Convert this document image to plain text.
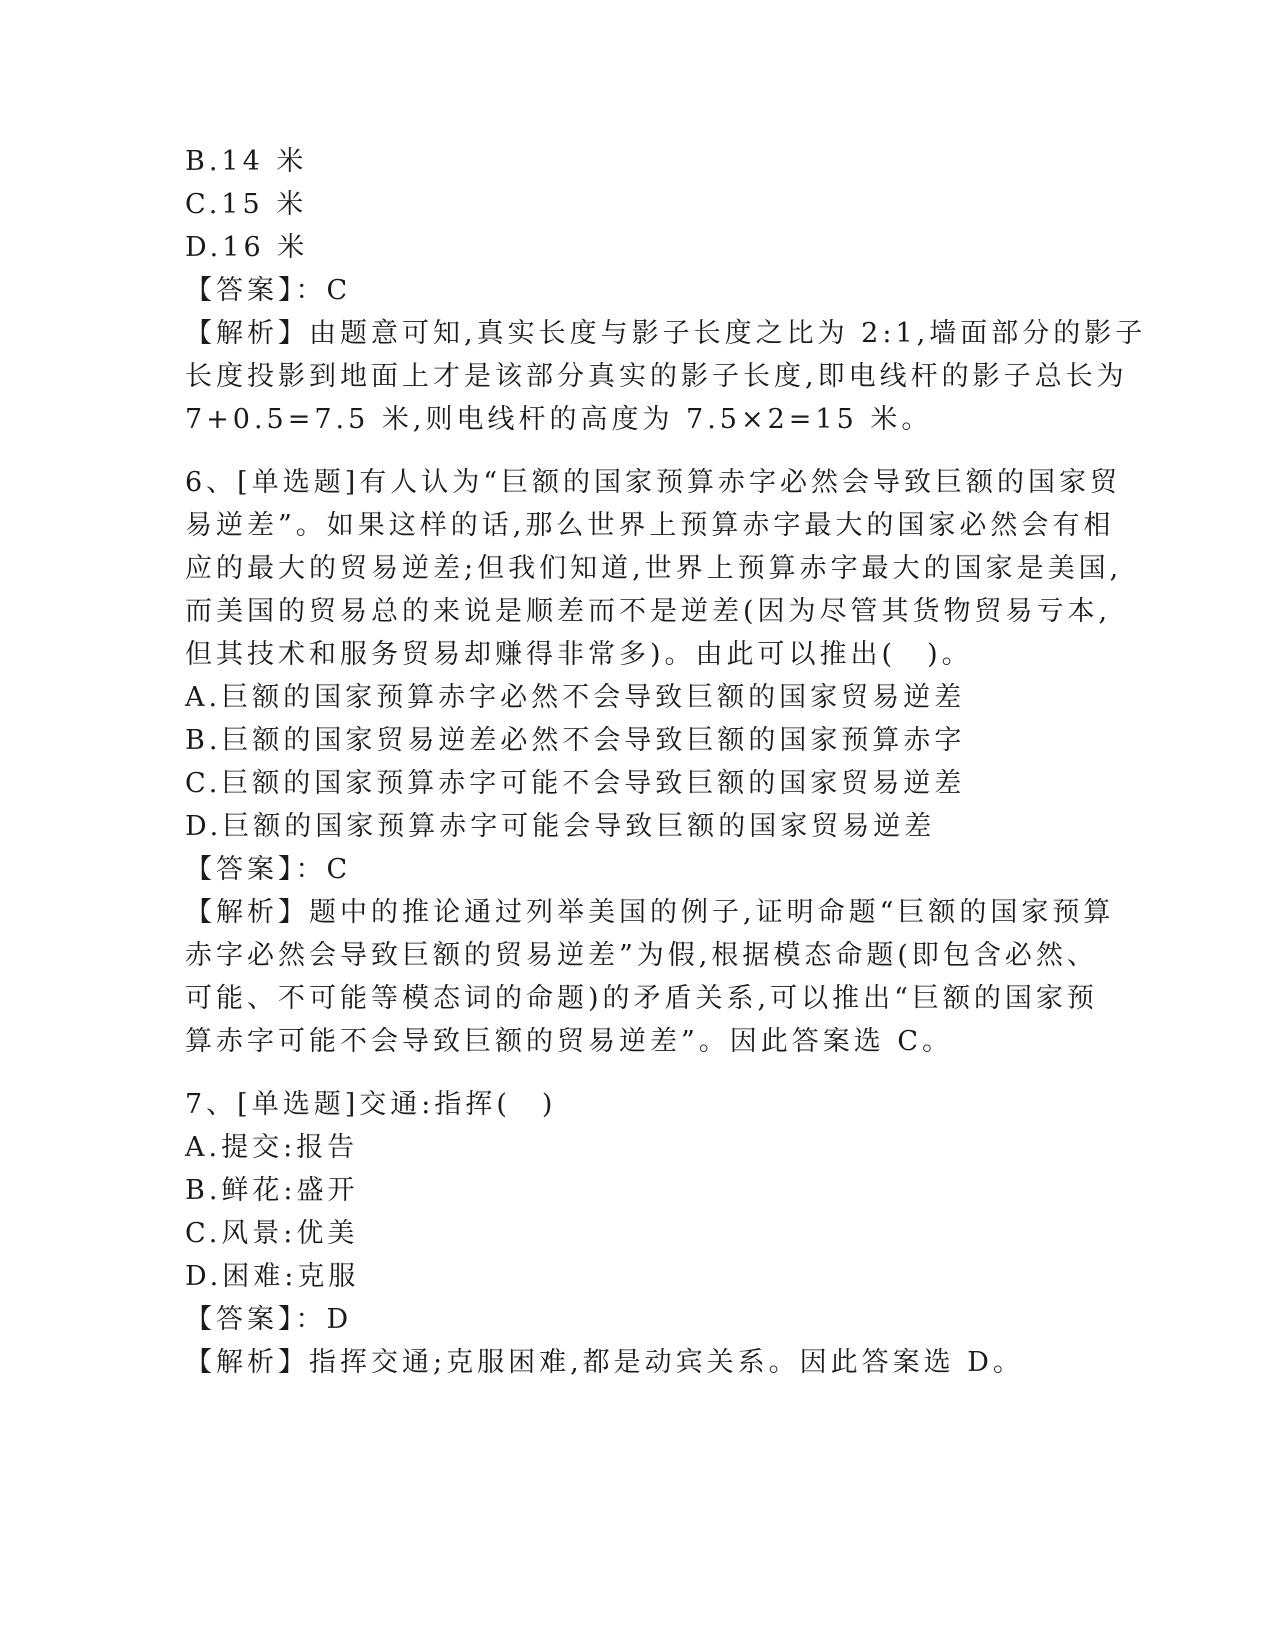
B.14 米

C.15 米

D.16 米

【答案】：C

【解析】由题意可知,真实长度与影子长度之比为 2:1,墙面部分的影子

长度投影到地面上才是该部分真实的影子长度,即电线杆的影子总长为

7+0.5=7.5 米,则电线杆的高度为 7.5×2=15 米。

6、[单选题]有人认为“巨额的国家预算赤字必然会导致巨额的国家贸

易逆差”。如果这样的话,那么世界上预算赤字最大的国家必然会有相

应的最大的贸易逆差;但我们知道,世界上预算赤字最大的国家是美国,

而美国的贸易总的来说是顺差而不是逆差(因为尽管其货物贸易亏本,

但其技术和服务贸易却赚得非常多)。由此可以推出(　)。

A.巨额的国家预算赤字必然不会导致巨额的国家贸易逆差

B.巨额的国家贸易逆差必然不会导致巨额的国家预算赤字

C.巨额的国家预算赤字可能不会导致巨额的国家贸易逆差

D.巨额的国家预算赤字可能会导致巨额的国家贸易逆差

【答案】：C

【解析】题中的推论通过列举美国的例子,证明命题“巨额的国家预算

赤字必然会导致巨额的贸易逆差”为假,根据模态命题(即包含必然、

可能、不可能等模态词的命题)的矛盾关系,可以推出“巨额的国家预

算赤字可能不会导致巨额的贸易逆差”。因此答案选 C。

7、[单选题]交通:指挥(　)

A.提交:报告

B.鲜花:盛开

C.风景:优美

D.困难:克服

【答案】：D

【解析】指挥交通;克服困难,都是动宾关系。因此答案选 D。
